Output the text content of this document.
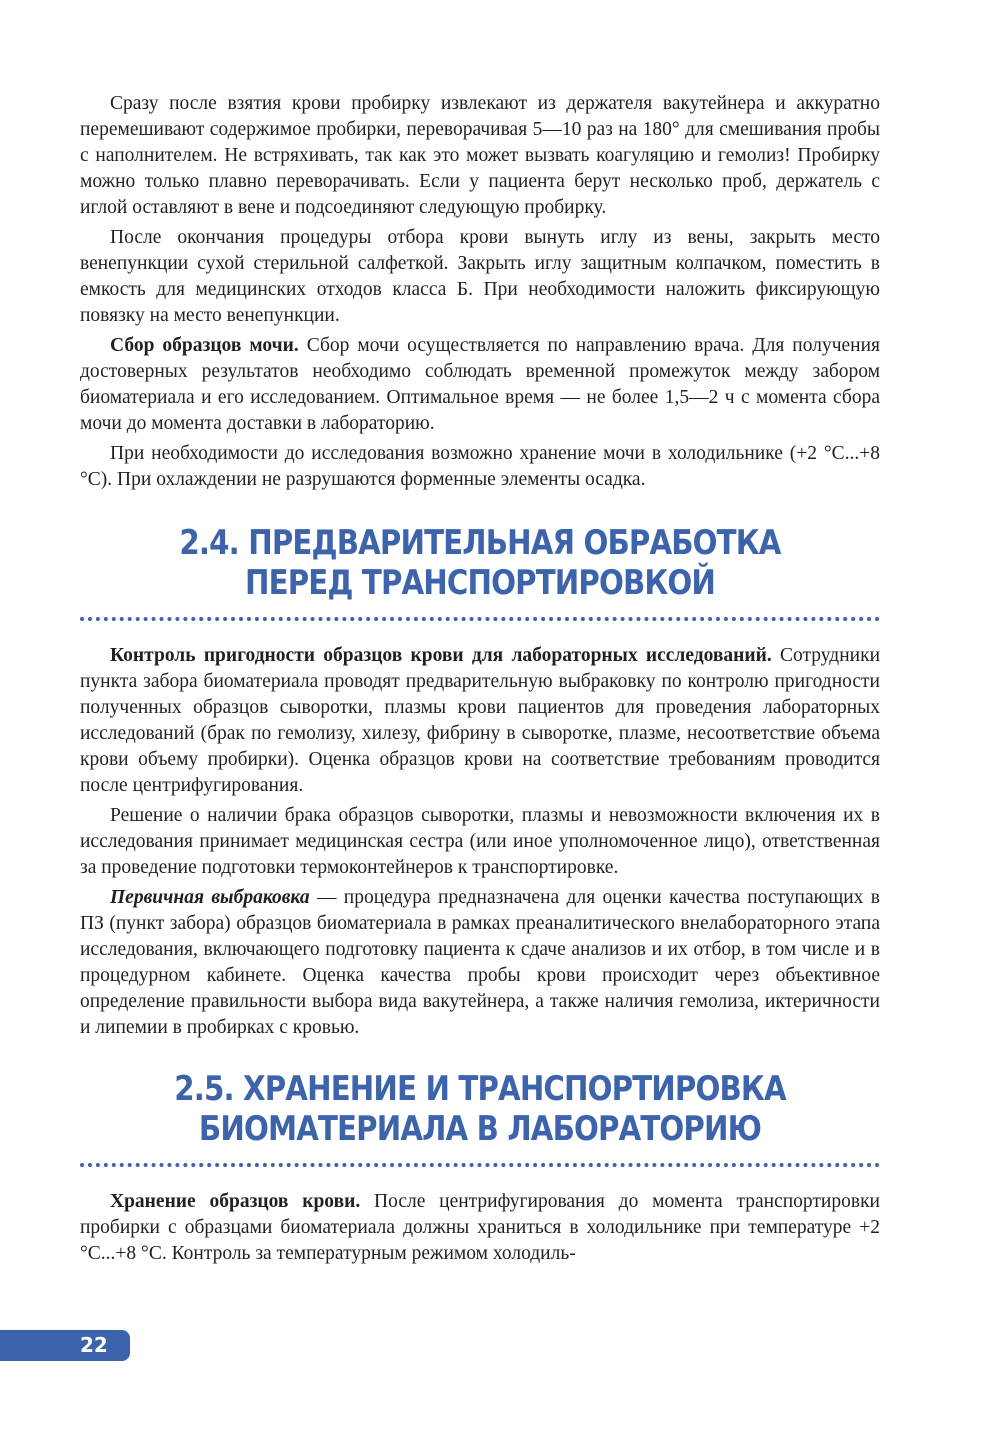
Сразу после взятия крови пробирку извлекают из держателя вакутейнера и аккуратно перемешивают содержимое пробирки, переворачивая 5—10 раз на 180° для смешивания пробы с наполнителем. Не встряхивать, так как это может вызвать коагуляцию и гемолиз! Пробирку можно только плавно переворачивать. Если у пациента берут несколько проб, держатель с иглой оставляют в вене и подсоединяют следующую пробирку.

После окончания процедуры отбора крови вынуть иглу из вены, закрыть место венепункции сухой стерильной салфеткой. Закрыть иглу защитным колпачком, поместить в емкость для медицинских отходов класса Б. При необходимости наложить фиксирующую повязку на место венепункции.

Сбор образцов мочи. Сбор мочи осуществляется по направлению врача. Для получения достоверных результатов необходимо соблюдать временной промежуток между забором биоматериала и его исследованием. Оптимальное время — не более 1,5—2 ч с момента сбора мочи до момента доставки в лабораторию.

При необходимости до исследования возможно хранение мочи в холодильнике (+2 °С...+8 °С). При охлаждении не разрушаются форменные элементы осадка.

2.4. ПРЕДВАРИТЕЛЬНАЯ ОБРАБОТКА
ПЕРЕД ТРАНСПОРТИРОВКОЙ

Контроль пригодности образцов крови для лабораторных исследований. Сотрудники пункта забора биоматериала проводят предварительную выбраковку по контролю пригодности полученных образцов сыворотки, плазмы крови пациентов для проведения лабораторных исследований (брак по гемолизу, хилезу, фибрину в сыворотке, плазме, несоответствие объема крови объему пробирки). Оценка образцов крови на соответствие требованиям проводится после центрифугирования.

Решение о наличии брака образцов сыворотки, плазмы и невозможности включения их в исследования принимает медицинская сестра (или иное уполномоченное лицо), ответственная за проведение подготовки термоконтейнеров к транспортировке.

Первичная выбраковка — процедура предназначена для оценки качества поступающих в ПЗ (пункт забора) образцов биоматериала в рамках преаналитического внелабораторного этапа исследования, включающего подготовку пациента к сдаче анализов и их отбор, в том числе и в процедурном кабинете. Оценка качества пробы крови происходит через объективное определение правильности выбора вида вакутейнера, а также наличия гемолиза, иктеричности и липемии в пробирках с кровью.

2.5. ХРАНЕНИЕ И ТРАНСПОРТИРОВКА
БИОМАТЕРИАЛА В ЛАБОРАТОРИЮ

Хранение образцов крови. После центрифугирования до момента транспортировки пробирки с образцами биоматериала должны храниться в холодильнике при температуре +2 °С...+8 °С. Контроль за температурным режимом холодиль-

22
